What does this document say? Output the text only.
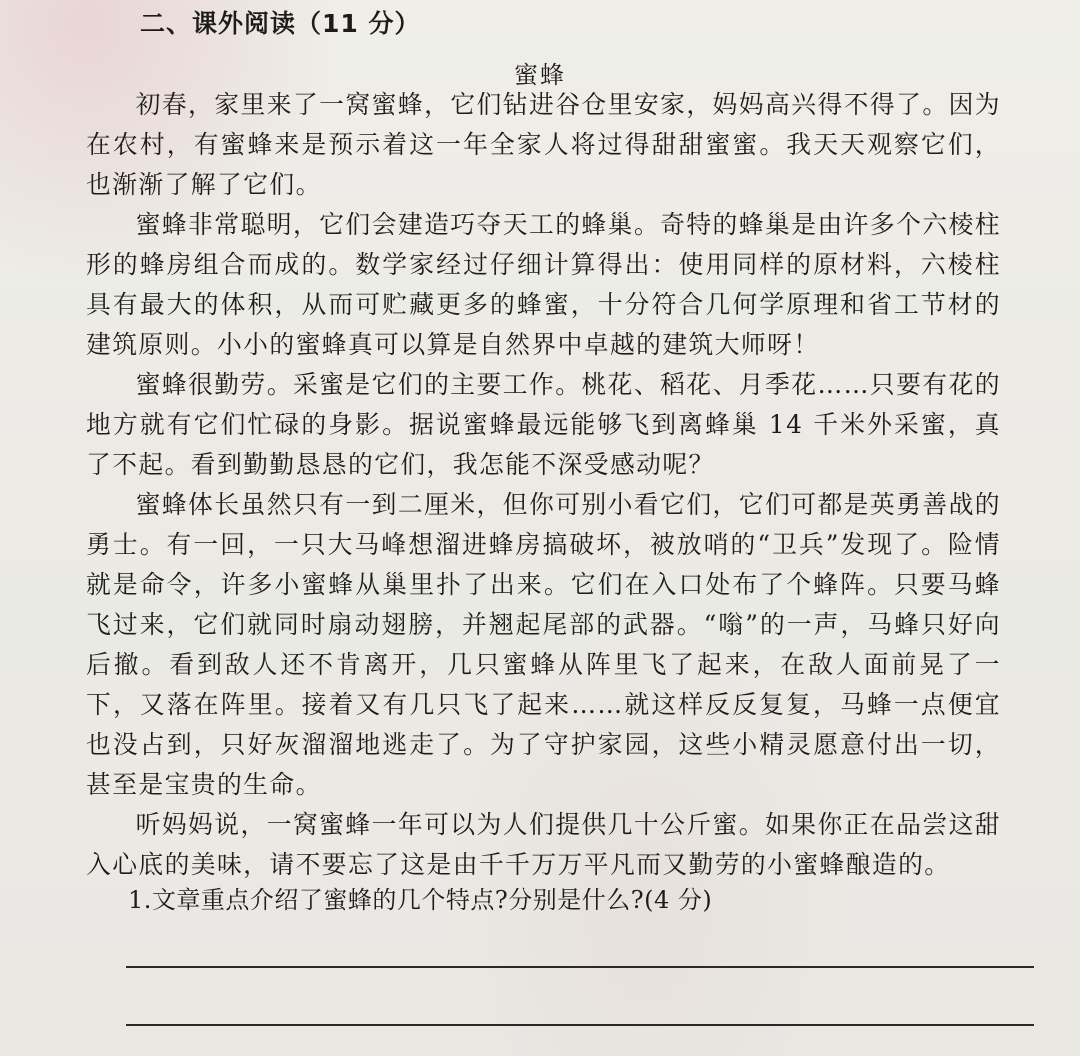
二、课外阅读（11 分）
蜜蜂

初春，家里来了一窝蜜蜂，它们钻进谷仓里安家，妈妈高兴得不得了。因为在农村，有蜜蜂来是预示着这一年全家人将过得甜甜蜜蜜。我天天观察它们，也渐渐了解了它们。

蜜蜂非常聪明，它们会建造巧夺天工的蜂巢。奇特的蜂巢是由许多个六棱柱形的蜂房组合而成的。数学家经过仔细计算得出：使用同样的原材料，六棱柱具有最大的体积，从而可贮藏更多的蜂蜜，十分符合几何学原理和省工节材的建筑原则。小小的蜜蜂真可以算是自然界中卓越的建筑大师呀！

蜜蜂很勤劳。采蜜是它们的主要工作。桃花、稻花、月季花……只要有花的地方就有它们忙碌的身影。据说蜜蜂最远能够飞到离蜂巢 14 千米外采蜜，真了不起。看到勤勤恳恳的它们，我怎能不深受感动呢？

蜜蜂体长虽然只有一到二厘米，但你可别小看它们，它们可都是英勇善战的勇士。有一回，一只大马峰想溜进蜂房搞破坏，被放哨的“卫兵”发现了。险情就是命令，许多小蜜蜂从巢里扑了出来。它们在入口处布了个蜂阵。只要马蜂飞过来，它们就同时扇动翅膀，并翘起尾部的武器。“嗡”的一声，马蜂只好向后撤。看到敌人还不肯离开，几只蜜蜂从阵里飞了起来，在敌人面前晃了一下，又落在阵里。接着又有几只飞了起来……就这样反反复复，马蜂一点便宜也没占到，只好灰溜溜地逃走了。为了守护家园，这些小精灵愿意付出一切，甚至是宝贵的生命。

听妈妈说，一窝蜜蜂一年可以为人们提供几十公斤蜜。如果你正在品尝这甜入心底的美味，请不要忘了这是由千千万万平凡而又勤劳的小蜜蜂酿造的。

1.文章重点介绍了蜜蜂的几个特点?分别是什么?(4 分)
